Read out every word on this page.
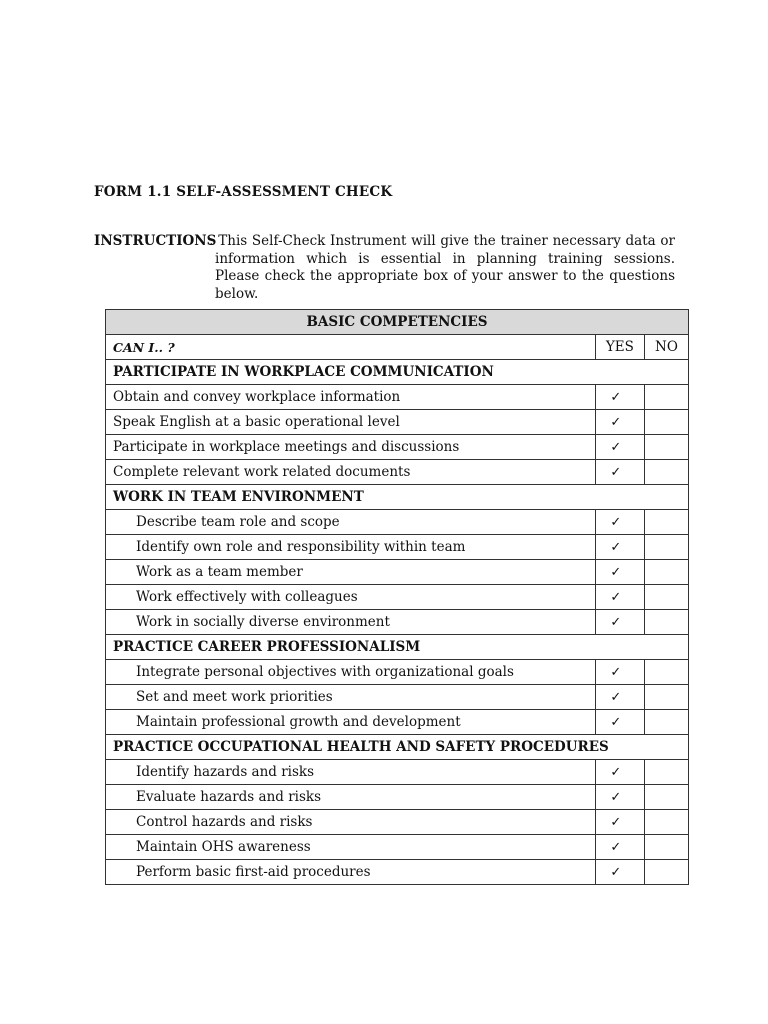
FORM 1.1 SELF-ASSESSMENT CHECK
INSTRUCTIONS
: This Self-Check Instrument will give the trainer necessary data or information which is essential in planning training sessions. Please check the appropriate box of your answer to the questions below.
BASIC COMPETENCIES		
CAN I.. ?	YES	NO
PARTICIPATE IN WORKPLACE COMMUNICATION		
Obtain and convey workplace information	✓	
Speak English at a basic operational level	✓	
Participate in workplace meetings and discussions	✓	
Complete relevant work related documents	✓	
WORK IN TEAM ENVIRONMENT		
Describe team role and scope	✓	
Identify own role and responsibility within team	✓	
Work as a team member	✓	
Work effectively with colleagues	✓	
Work in socially diverse environment	✓	
PRACTICE CAREER PROFESSIONALISM		
Integrate personal objectives with organizational goals	✓	
Set and meet work priorities	✓	
Maintain professional growth and development	✓	
PRACTICE OCCUPATIONAL HEALTH AND SAFETY PROCEDURES		
Identify hazards and risks	✓	
Evaluate hazards and risks	✓	
Control hazards and risks	✓	
Maintain OHS awareness	✓	
Perform basic first-aid procedures	✓	
